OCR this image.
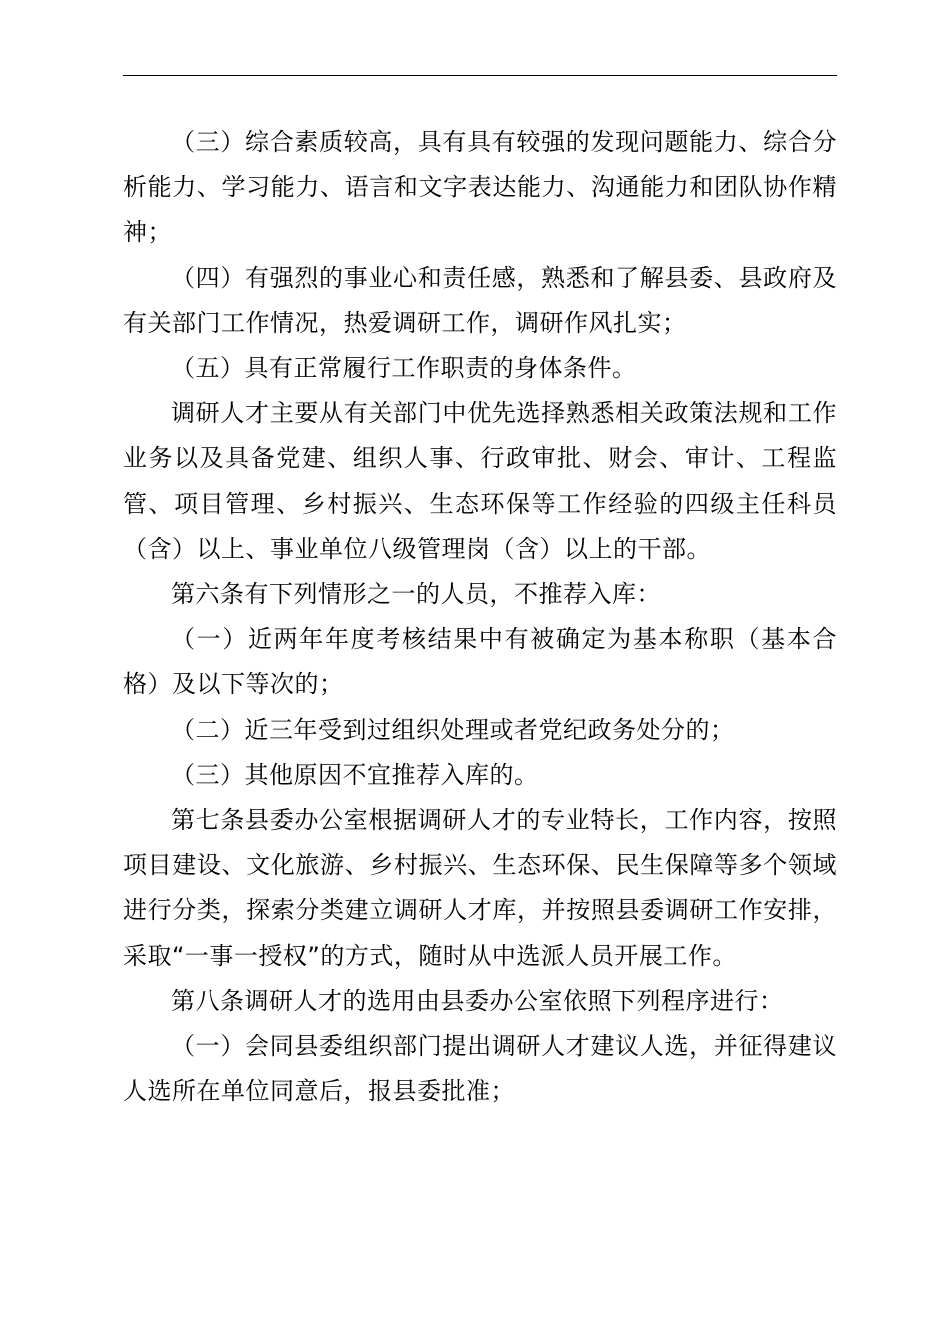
（三）综合素质较高，具有具有较强的发现问题能力、综合分析能力、学习能力、语言和文字表达能力、沟通能力和团队协作精神；

（四）有强烈的事业心和责任感，熟悉和了解县委、县政府及有关部门工作情况，热爱调研工作，调研作风扎实；

（五）具有正常履行工作职责的身体条件。

调研人才主要从有关部门中优先选择熟悉相关政策法规和工作业务以及具备党建、组织人事、行政审批、财会、审计、工程监管、项目管理、乡村振兴、生态环保等工作经验的四级主任科员（含）以上、事业单位八级管理岗（含）以上的干部。

第六条有下列情形之一的人员，不推荐入库：

（一）近两年年度考核结果中有被确定为基本称职（基本合格）及以下等次的；

（二）近三年受到过组织处理或者党纪政务处分的；

（三）其他原因不宜推荐入库的。

第七条县委办公室根据调研人才的专业特长，工作内容，按照项目建设、文化旅游、乡村振兴、生态环保、民生保障等多个领域进行分类，探索分类建立调研人才库，并按照县委调研工作安排，采取“一事一授权”的方式，随时从中选派人员开展工作。

第八条调研人才的选用由县委办公室依照下列程序进行：

（一）会同县委组织部门提出调研人才建议人选，并征得建议人选所在单位同意后，报县委批准；
